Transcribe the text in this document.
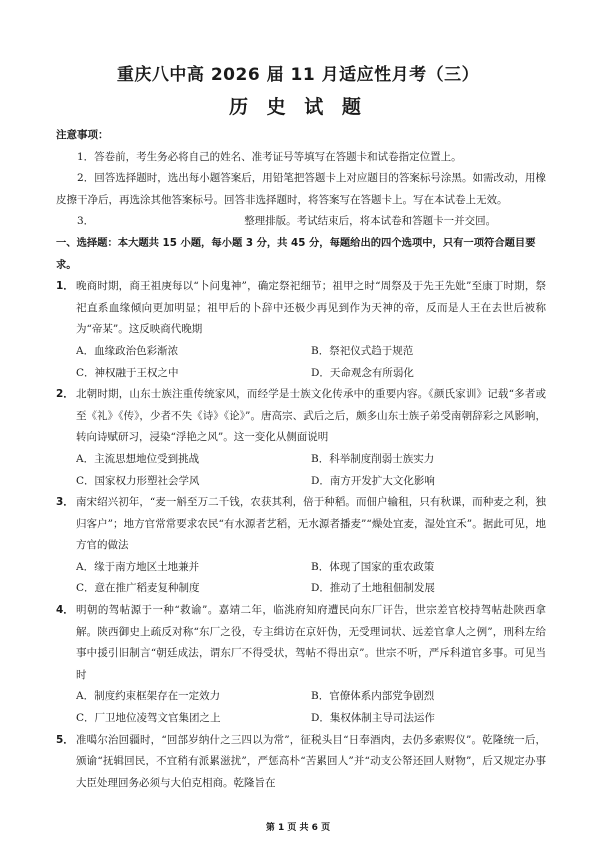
重庆八中高 2026 届 11 月适应性月考（三）
历 史 试 题
注意事项：
1．答卷前，考生务必将自己的姓名、准考证号等填写在答题卡和试卷指定位置上。
2．回答选择题时，选出每小题答案后，用铅笔把答题卡上对应题目的答案标号涂黑。如需改动，用橡皮擦干净后，再选涂其他答案标号。回答非选择题时，将答案写在答题卡上。写在本试卷上无效。
3．	整理排版。考试结束后，将本试卷和答题卡一并交回。
一、选择题：本大题共 15 小题，每小题 3 分，共 45 分，每题给出的四个选项中，只有一项符合题目要求。
1． 晚商时期，商王祖庚每以“卜问鬼神”，确定祭祀细节；祖甲之时“周祭及于先王先妣”至康丁时期，祭祀直系血缘倾向更加明显；祖甲后的卜辞中还极少再见到作为天神的帝，反而是人王在去世后被称为“帝某”。这反映商代晚期
A．血缘政治色彩渐浓	B．祭祀仪式趋于规范
C．神权融于王权之中	D．天命观念有所弱化
2． 北朝时期，山东士族注重传统家风，而经学是士族文化传承中的重要内容。《颜氏家训》记载“多者或至《礼》《传》，少者不失《诗》《论》”。唐高宗、武后之后，颇多山东士族子弟受南朝辞彩之风影响，转向诗赋研习，浸染“浮艳之风”。这一变化从侧面说明
A．主流思想地位受到挑战	B．科举制度削弱士族实力
C．国家权力形塑社会学风	D．南方开发扩大文化影响
3． 南宋绍兴初年，“麦一斛至万二千钱，农获其利，倍于种稻。而佃户输租，只有秋课，而种麦之利，独归客户”；地方官常常要求农民“有水源者艺稻，无水源者播麦”“燥处宜麦，湿处宜禾”。据此可见，地方官的做法
A．缘于南方地区土地兼并	B．体现了国家的重农政策
C．意在推广稻麦复种制度	D．推动了土地租佃制发展
4． 明朝的驾帖源于一种“救谕”。嘉靖二年，临洮府知府遭民向东厂讦告，世宗差官校持驾帖赴陕西拿解。陕西御史上疏反对称“东厂之役，专主缉访在京奸伪，无受理词状、远差官拿人之例”，刑科左给事中援引旧制言“朝廷成法，谓东厂不得受状，驾帖不得出京”。世宗不听，严斥科道官多事。可见当时
A．制度约束框架存在一定效力	B．官僚体系内部党争剧烈
C．厂卫地位凌驾文官集团之上	D．集权体制主导司法运作
5． 准噶尔治回疆时，“回部岁纳什之三四以为常”，征税头目“日奉酒肉，去仍多索赆仪”。乾隆统一后，颁谕“抚辑回民，不宜稍有派累滋扰”，严惩高朴“苦累回人”并“动支公帑还回人财物”，后又规定办事大臣处理回务必须与大伯克相商。乾隆旨在
第 1 页 共 6 页
